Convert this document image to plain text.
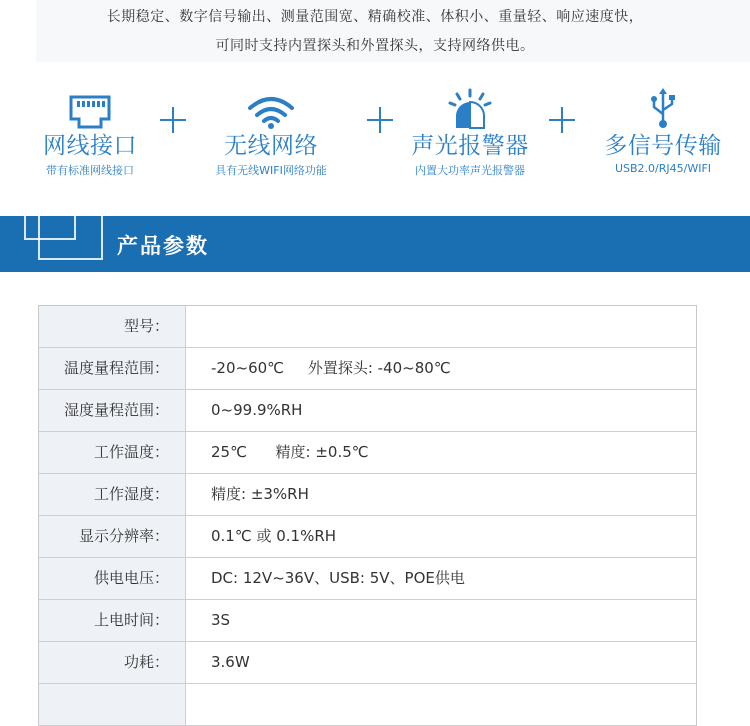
长期稳定、数字信号输出、测量范围宽、精确校准、体积小、重量轻、响应速度快，
可同时支持内置探头和外置探头，支持网络供电。
网线接口
带有标准网线接口
无线网络
具有无线WIFI网络功能
声光报警器
内置大功率声光报警器
多信号传输
USB2.0/RJ45/WIFI
产品参数
型号：
温度量程范围：	-20~60℃     外置探头: -40~80℃
湿度量程范围：	0~99.9%RH
工作温度：	25℃      精度: ±0.5℃
工作湿度：	精度: ±3%RH
显示分辨率：	0.1℃ 或 0.1%RH
供电电压：	DC: 12V~36V、USB: 5V、POE供电
上电时间：	3S
功耗：	3.6W
